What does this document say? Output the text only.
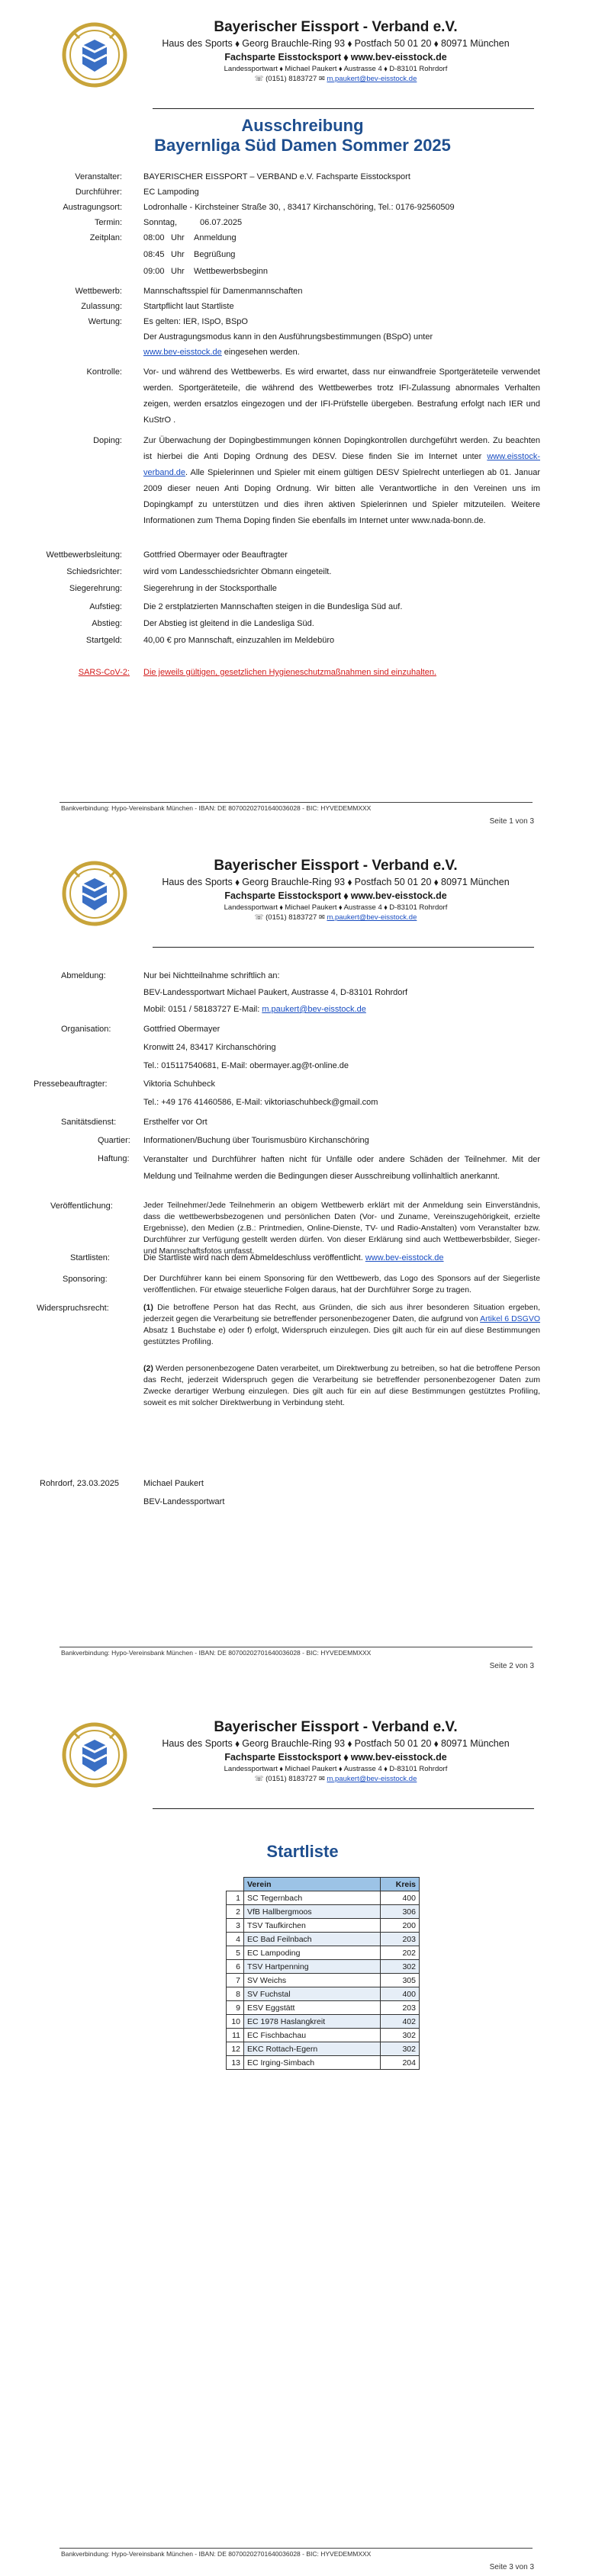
Bayerischer Eissport - Verband e.V.
Haus des Sports ⬧ Georg Brauchle-Ring 93 ⬧ Postfach 50 01 20 ⬧ 80971 München
Fachsparte Eisstocksport ⬧ www.bev-eisstock.de
Landessportwart ⬧ Michael Paukert ⬧ Austrasse 4 ⬧ D-83101 Rohrdorf
☏ (0151) 8183727 ✉ m.paukert@bev-eisstock.de
Ausschreibung
Bayernliga Süd Damen Sommer 2025
Veranstalter:	BAYERISCHER EISSPORT – VERBAND e.V. Fachsparte Eisstocksport
Durchführer:	EC Lampoding
Austragungsort:	Lodronhalle - Kirchsteiner Straße 30, , 83417 Kirchanschöring, Tel.: 0176-92560509
Termin:	Sonntag,	06.07.2025
Zeitplan:	08:00 Uhr Anmeldung
08:45 Uhr Begrüßung
09:00 Uhr Wettbewerbsbeginn
Wettbewerb:	Mannschaftsspiel für Damenmannschaften
Zulassung:	Startpflicht laut Startliste
Wertung:	Es gelten: IER, ISpO, BSpO
Der Austragungsmodus kann in den Ausführungsbestimmungen (BSpO) unter
www.bev-eisstock.de eingesehen werden.
Kontrolle:	Vor- und während des Wettbewerbs. Es wird erwartet, dass nur einwandfreie Sportgeräteteile verwendet werden. Sportgeräteteile, die während des Wettbewerbes trotz IFI-Zulassung abnormales Verhalten zeigen, werden ersatzlos eingezogen und der IFI-Prüfstelle übergeben. Bestrafung erfolgt nach IER und KuStrO .
Doping:	Zur Überwachung der Dopingbestimmungen können Dopingkontrollen durchgeführt werden. Zu beachten ist hierbei die Anti Doping Ordnung des DESV. Diese finden Sie im Internet unter www.eisstock-verband.de. Alle Spielerinnen und Spieler mit einem gültigen DESV Spielrecht unterliegen ab 01. Januar 2009 dieser neuen Anti Doping Ordnung. Wir bitten alle Verantwortliche in den Vereinen uns im Dopingkampf zu unterstützen und dies ihren aktiven Spielerinnen und Spieler mitzuteilen. Weitere Informationen zum Thema Doping finden Sie ebenfalls im Internet unter www.nada-bonn.de.
Wettbewerbsleitung:	Gottfried Obermayer oder Beauftragter
Schiedsrichter:	wird vom Landesschiedsrichter Obmann eingeteilt.
Siegerehrung:	Siegerehrung in der Stocksporthalle
Aufstieg:	Die 2 erstplatzierten Mannschaften steigen in die Bundesliga Süd auf.
Abstieg:	Der Abstieg ist gleitend in die Landesliga Süd.
Startgeld:	40,00 € pro Mannschaft, einzuzahlen im Meldebüro
SARS-CoV-2: Die jeweils gültigen, gesetzlichen Hygieneschutzmaßnahmen sind einzuhalten.
Bankverbindung: Hypo-Vereinsbank München - IBAN: DE 80700202701640036028 - BIC: HYVEDEMMXXX
Seite 1 von 3
Bayerischer Eissport - Verband e.V.
Haus des Sports ⬧ Georg Brauchle-Ring 93 ⬧ Postfach 50 01 20 ⬧ 80971 München
Fachsparte Eisstocksport ⬧ www.bev-eisstock.de
Landessportwart ⬧ Michael Paukert ⬧ Austrasse 4 ⬧ D-83101 Rohrdorf
☏ (0151) 8183727 ✉ m.paukert@bev-eisstock.de
Abmeldung:	Nur bei Nichtteilnahme schriftlich an:
BEV-Landessportwart Michael Paukert, Austrasse 4, D-83101 Rohrdorf
Mobil: 0151 / 58183727 E-Mail: m.paukert@bev-eisstock.de
Organisation:	Gottfried Obermayer
Kronwitt 24, 83417 Kirchanschöring
Tel.: 015117540681, E-Mail: obermayer.ag@t-online.de
Pressebeauftragter:	Viktoria Schuhbeck
Tel.: +49 176 41460586, E-Mail: viktoriaschuhbeck@gmail.com
Sanitätsdienst:	Ersthelfer vor Ort
Quartier:	Informationen/Buchung über Tourismusbüro Kirchanschöring
Haftung:	Veranstalter und Durchführer haften nicht für Unfälle oder andere Schäden der Teilnehmer. Mit der Meldung und Teilnahme werden die Bedingungen dieser Ausschreibung vollinhaltlich anerkannt.
Veröffentlichung:	Jeder Teilnehmer/Jede Teilnehmerin an obigem Wettbewerb erklärt mit der Anmeldung sein Einverständnis, dass die wettbewerbsbezogenen und persönlichen Daten (Vor- und Zuname, Vereinszugehörigkeit, erzielte Ergebnisse), den Medien (z.B.: Printmedien, Online-Dienste, TV- und Radio-Anstalten) vom Veranstalter bzw. Durchführer zur Verfügung gestellt werden dürfen. Von dieser Erklärung sind auch Wettbewerbsbilder, Sieger- und Mannschaftsfotos umfasst.
Startlisten:	Die Startliste wird nach dem Abmeldeschluss veröffentlicht. www.bev-eisstock.de
Sponsoring:	Der Durchführer kann bei einem Sponsoring für den Wettbewerb, das Logo des Sponsors auf der Siegerliste veröffentlichen. Für etwaige steuerliche Folgen daraus, hat der Durchführer Sorge zu tragen.
Widerspruchsrecht:	(1) Die betroffene Person hat das Recht, aus Gründen, die sich aus ihrer besonderen Situation ergeben, jederzeit gegen die Verarbeitung sie betreffender personenbezogener Daten, die aufgrund von Artikel 6 DSGVO Absatz 1 Buchstabe e) oder f) erfolgt, Widerspruch einzulegen. Dies gilt auch für ein auf diese Bestimmungen gestütztes Profiling.
(2) Werden personenbezogene Daten verarbeitet, um Direktwerbung zu betreiben, so hat die betroffene Person das Recht, jederzeit Widerspruch gegen die Verarbeitung sie betreffender personenbezogener Daten zum Zwecke derartiger Werbung einzulegen. Dies gilt auch für ein auf diese Bestimmungen gestütztes Profiling, soweit es mit solcher Direktwerbung in Verbindung steht.
Rohrdorf, 23.03.2025	Michael Paukert
BEV-Landessportwart
Bankverbindung: Hypo-Vereinsbank München - IBAN: DE 80700202701640036028 - BIC: HYVEDEMMXXX
Seite 2 von 3
Bayerischer Eissport - Verband e.V.
Haus des Sports ⬧ Georg Brauchle-Ring 93 ⬧ Postfach 50 01 20 ⬧ 80971 München
Fachsparte Eisstocksport ⬧ www.bev-eisstock.de
Landessportwart ⬧ Michael Paukert ⬧ Austrasse 4 ⬧ D-83101 Rohrdorf
☏ (0151) 8183727 ✉ m.paukert@bev-eisstock.de
Startliste
	Verein	Kreis
1	SC Tegernbach	400
2	VfB Hallbergmoos	306
3	TSV Taufkirchen	200
4	EC Bad Feilnbach	203
5	EC Lampoding	202
6	TSV Hartpenning	302
7	SV Weichs	305
8	SV Fuchstal	400
9	ESV Eggstätt	203
10	EC 1978 Haslangkreit	402
11	EC Fischbachau	302
12	EKC Rottach-Egern	302
13	EC Irging-Simbach	204
Bankverbindung: Hypo-Vereinsbank München - IBAN: DE 80700202701640036028 - BIC: HYVEDEMMXXX
Seite 3 von 3
